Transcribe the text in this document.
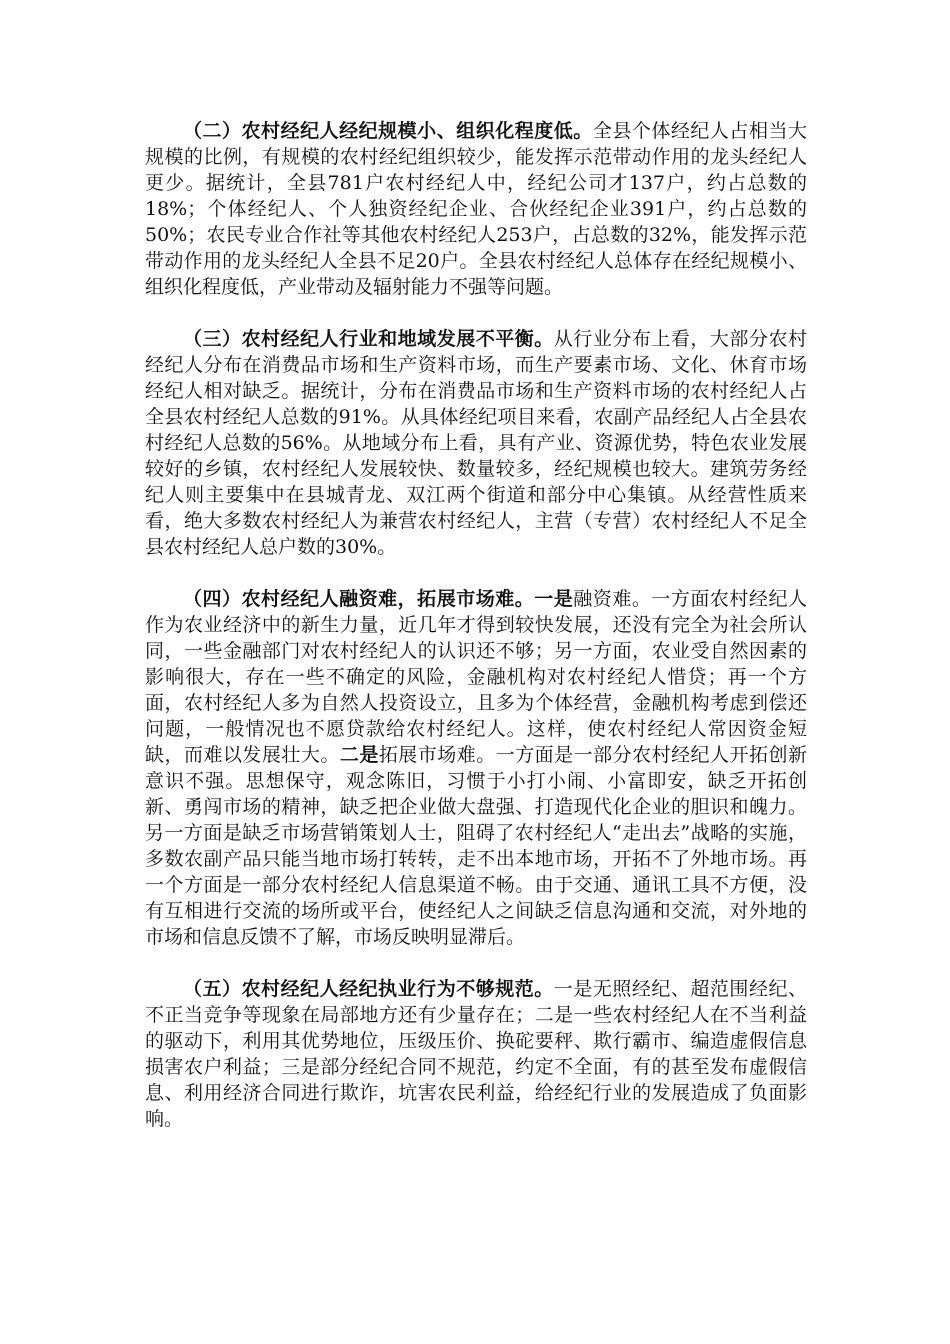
（二）农村经纪人经纪规模小、组织化程度低。全县个体经纪人占相当大规模的比例，有规模的农村经纪组织较少，能发挥示范带动作用的龙头经纪人更少。据统计，全县781户农村经纪人中，经纪公司才137户，约占总数的18%；个体经纪人、个人独资经纪企业、合伙经纪企业391户，约占总数的50%；农民专业合作社等其他农村经纪人253户，占总数的32%，能发挥示范带动作用的龙头经纪人全县不足20户。全县农村经纪人总体存在经纪规模小、组织化程度低，产业带动及辐射能力不强等问题。

（三）农村经纪人行业和地域发展不平衡。从行业分布上看，大部分农村经纪人分布在消费品市场和生产资料市场，而生产要素市场、文化、休育市场经纪人相对缺乏。据统计，分布在消费品市场和生产资料市场的农村经纪人占全县农村经纪人总数的91%。从具体经纪项目来看，农副产品经纪人占全县农村经纪人总数的56%。从地域分布上看，具有产业、资源优势，特色农业发展较好的乡镇，农村经纪人发展较快、数量较多，经纪规模也较大。建筑劳务经纪人则主要集中在县城青龙、双江两个街道和部分中心集镇。从经营性质来看，绝大多数农村经纪人为兼营农村经纪人，主营（专营）农村经纪人不足全县农村经纪人总户数的30%。

（四）农村经纪人融资难，拓展市场难。一是融资难。一方面农村经纪人作为农业经济中的新生力量，近几年才得到较快发展，还没有完全为社会所认同，一些金融部门对农村经纪人的认识还不够；另一方面，农业受自然因素的影响很大，存在一些不确定的风险，金融机构对农村经纪人惜贷；再一个方面，农村经纪人多为自然人投资设立，且多为个体经营，金融机构考虑到偿还问题，一般情况也不愿贷款给农村经纪人。这样，使农村经纪人常因资金短缺，而难以发展壮大。二是拓展市场难。一方面是一部分农村经纪人开拓创新意识不强。思想保守，观念陈旧，习惯于小打小闹、小富即安，缺乏开拓创新、勇闯市场的精神，缺乏把企业做大盘强、打造现代化企业的胆识和魄力。另一方面是缺乏市场营销策划人士，阻碍了农村经纪人“走出去”战略的实施，多数农副产品只能当地市场打转转，走不出本地市场，开拓不了外地市场。再一个方面是一部分农村经纪人信息渠道不畅。由于交通、通讯工具不方便，没有互相进行交流的场所或平台，使经纪人之间缺乏信息沟通和交流，对外地的市场和信息反馈不了解，市场反映明显滞后。

（五）农村经纪人经纪执业行为不够规范。一是无照经纪、超范围经纪、不正当竞争等现象在局部地方还有少量存在；二是一些农村经纪人在不当利益的驱动下，利用其优势地位，压级压价、换砣要秤、欺行霸市、编造虚假信息损害农户利益；三是部分经纪合同不规范，约定不全面，有的甚至发布虚假信息、利用经济合同进行欺诈，坑害农民利益，给经纪行业的发展造成了负面影响。
